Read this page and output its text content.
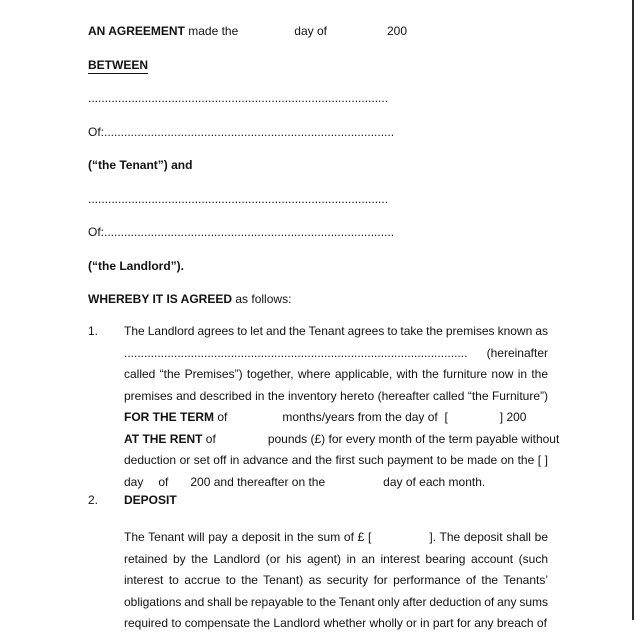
AN AGREEMENT made the	day of	200
BETWEEN
..........................................................................................
Of:.......................................................................................
(“the Tenant”) and
..........................................................................................
Of:.......................................................................................
(“the Landlord”).
WHEREBY IT IS AGREED as follows:
1.	The Landlord agrees to let and the Tenant agrees to take the premises known as
....................................................................................................... (hereinafter
called “the Premises”) together, where applicable, with the furniture now in the
premises and described in the inventory hereto (hereafter called “the Furniture”)
FOR THE TERM of	months/years from the day of [	] 200
AT THE RENT of	pounds (£) for every month of the term payable without
deduction or set off in advance and the first such payment to be made on the [ ]
day of 200 and thereafter on the	day of each month.
2.	DEPOSIT
The Tenant will pay a deposit in the sum of £ [	]. The deposit shall be
retained by the Landlord (or his agent) in an interest bearing account (such
interest to accrue to the Tenant) as security for performance of the Tenants’
obligations and shall be repayable to the Tenant only after deduction of any sums
required to compensate the Landlord whether wholly or in part for any breach of
